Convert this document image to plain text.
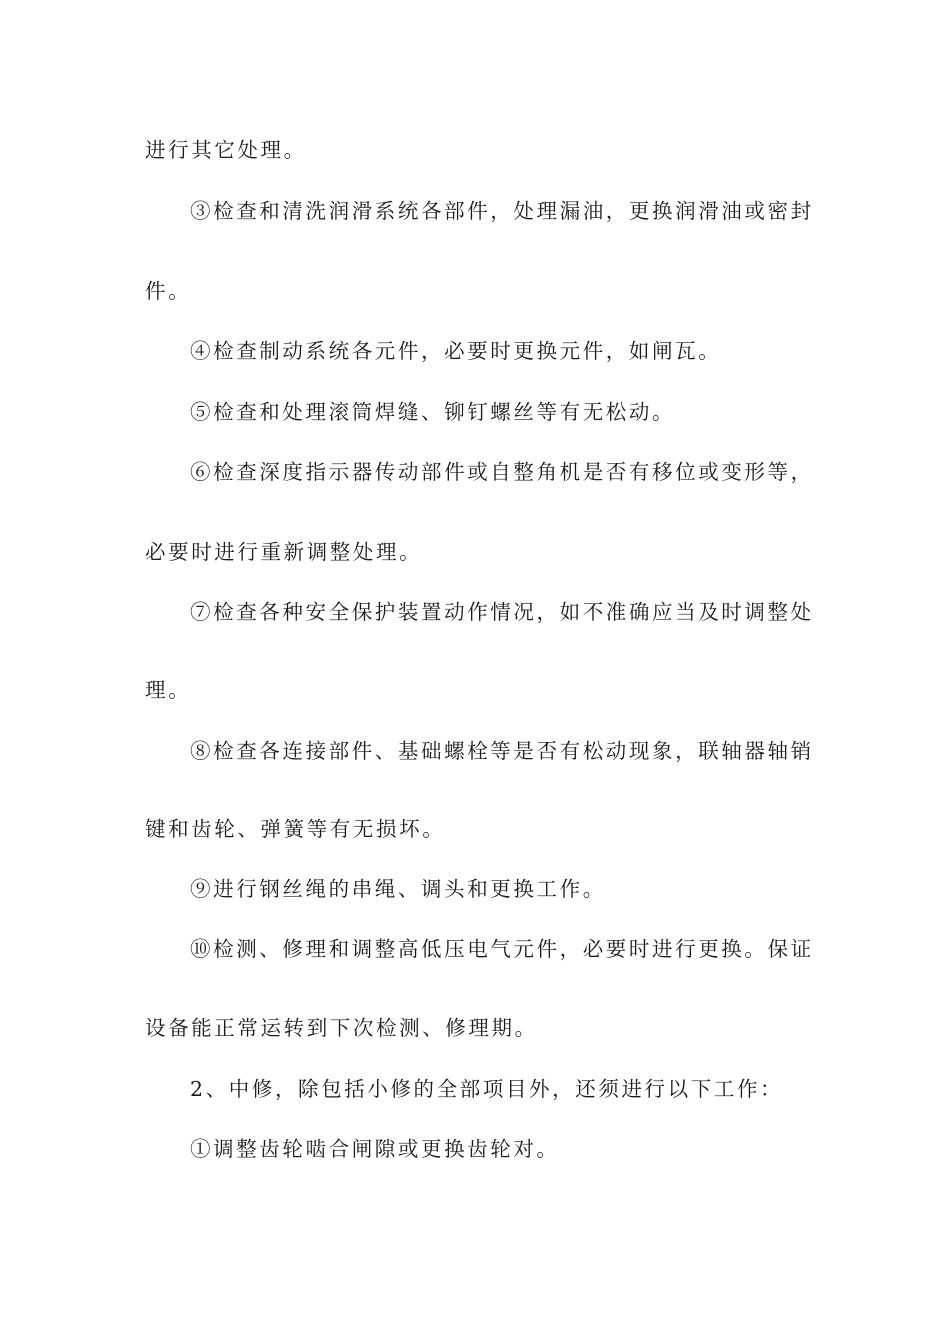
进行其它处理。
③检查和清洗润滑系统各部件，处理漏油，更换润滑油或密封
件。
④检查制动系统各元件，必要时更换元件，如闸瓦。
⑤检查和处理滚筒焊缝、铆钉螺丝等有无松动。
⑥检查深度指示器传动部件或自整角机是否有移位或变形等，
必要时进行重新调整处理。
⑦检查各种安全保护装置动作情况，如不准确应当及时调整处
理。
⑧检查各连接部件、基础螺栓等是否有松动现象，联轴器轴销
键和齿轮、弹簧等有无损坏。
⑨进行钢丝绳的串绳、调头和更换工作。
⑩检测、修理和调整高低压电气元件，必要时进行更换。保证
设备能正常运转到下次检测、修理期。
2、中修，除包括小修的全部项目外，还须进行以下工作：
①调整齿轮啮合闸隙或更换齿轮对。
